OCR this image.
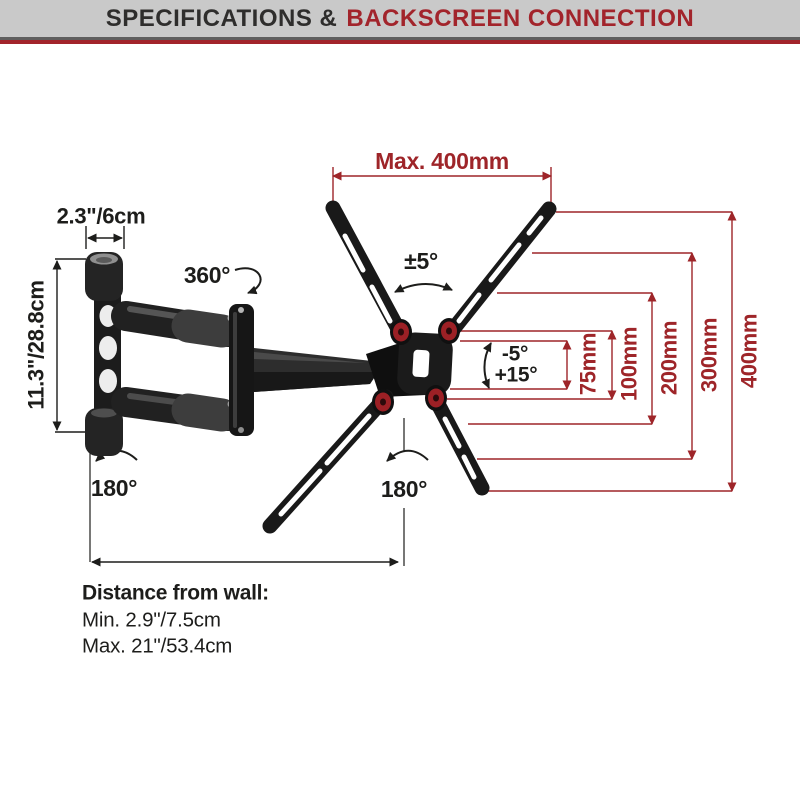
SPECIFICATIONS & BACKSCREEN CONNECTION
Max. 400mm
75mm 100mm 200mm 300mm 400mm
2.3"/6cm
11.3"/28.8cm
360°
±5°
-5°
+15°
180°	180°
Distance from wall:
Min. 2.9"/7.5cm
Max. 21"/53.4cm
